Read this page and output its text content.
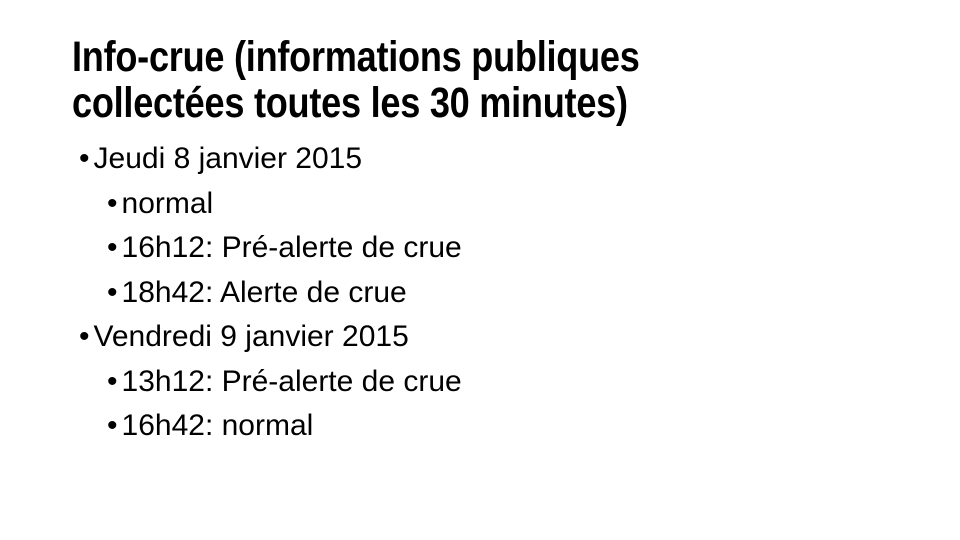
Info-crue (informations publiques
collectées toutes les 30 minutes)
• Jeudi 8 janvier 2015
• normal
• 16h12: Pré-alerte de crue
• 18h42: Alerte de crue
• Vendredi 9 janvier 2015
• 13h12: Pré-alerte de crue
• 16h42: normal
